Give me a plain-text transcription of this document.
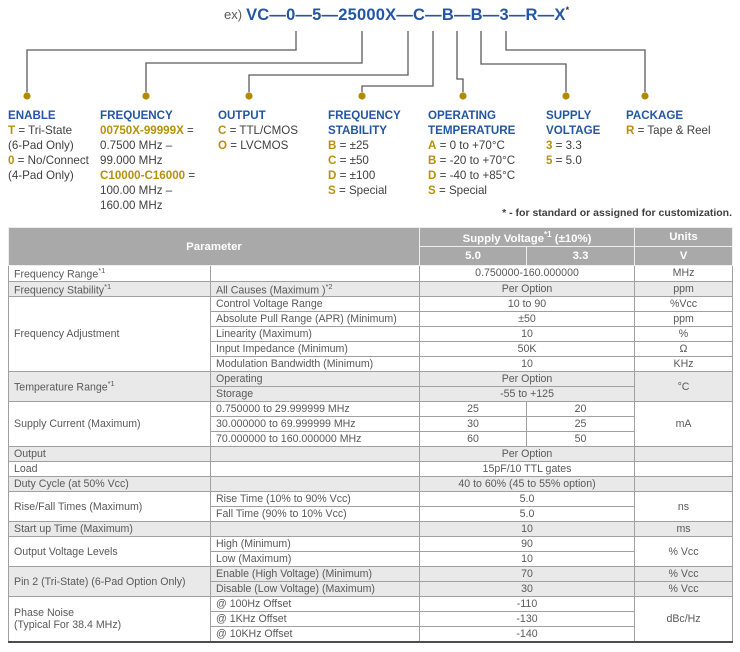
ex) VC—0—5—25000X—C—B—B—3—R—X*
ENABLE
T = Tri-State
(6-Pad Only)
0 = No/Connect
(4-Pad Only)
FREQUENCY
00750X-99999X =
0.7500 MHz –
99.000 MHz
C10000-C16000 =
100.00 MHz –
160.00 MHz
OUTPUT
C = TTL/CMOS
O = LVCMOS
FREQUENCY
STABILITY
B = ±25
C = ±50
D = ±100
S = Special
OPERATING
TEMPERATURE
A = 0 to +70°C
B = -20 to +70°C
D = -40 to +85°C
S = Special
SUPPLY
VOLTAGE
3 = 3.3
5 = 5.0
PACKAGE
R = Tape & Reel
* - for standard or assigned for customization.
Parameter		Supply Voltage$^{*1}$ (±10%)		Units
		5.0	3.3	V
Frequency Range$^{*1}$		0.750000-160.000000		MHz
Frequency Stability$^{*1}$	All Causes (Maximum )$^{*2}$	Per Option		ppm
Frequency Adjustment	Control Voltage Range	10 to 90		%Vcc
	Absolute Pull Range (APR) (Minimum)	±50		ppm
	Linearity (Maximum)	10		%
	Input Impedance (Minimum)	50K		Ω
	Modulation Bandwidth (Minimum)	10		KHz
Temperature Range$^{*1}$	Operating	Per Option		°C
	Storage	-55 to +125		
Supply Current (Maximum)	0.750000 to 29.999999 MHz	25	20	mA
	30.000000 to 69.999999 MHz	30	25	
	70.000000 to 160.000000 MHz	60	50	
Output		Per Option		
Load		15pF/10 TTL gates		
Duty Cycle (at 50% Vcc)		40 to 60% (45 to 55% option)		
Rise/Fall Times (Maximum)	Rise Time (10% to 90% Vcc)	5.0		ns
	Fall Time (90% to 10% Vcc)	5.0		
Start up Time (Maximum)		10		ms
Output Voltage Levels	High (Minimum)	90		% Vcc
	Low (Maximum)	10		
Pin 2 (Tri-State) (6-Pad Option Only)	Enable (High Voltage) (Minimum)	70		% Vcc
	Disable (Low Voltage) (Maximum)	30		% Vcc

Phase Noise
(Typical For 38.4 MHz)	@ 100Hz Offset	-110		dBc/Hz
	@ 1KHz Offset	-130		
	@ 10KHz Offset	-140		
